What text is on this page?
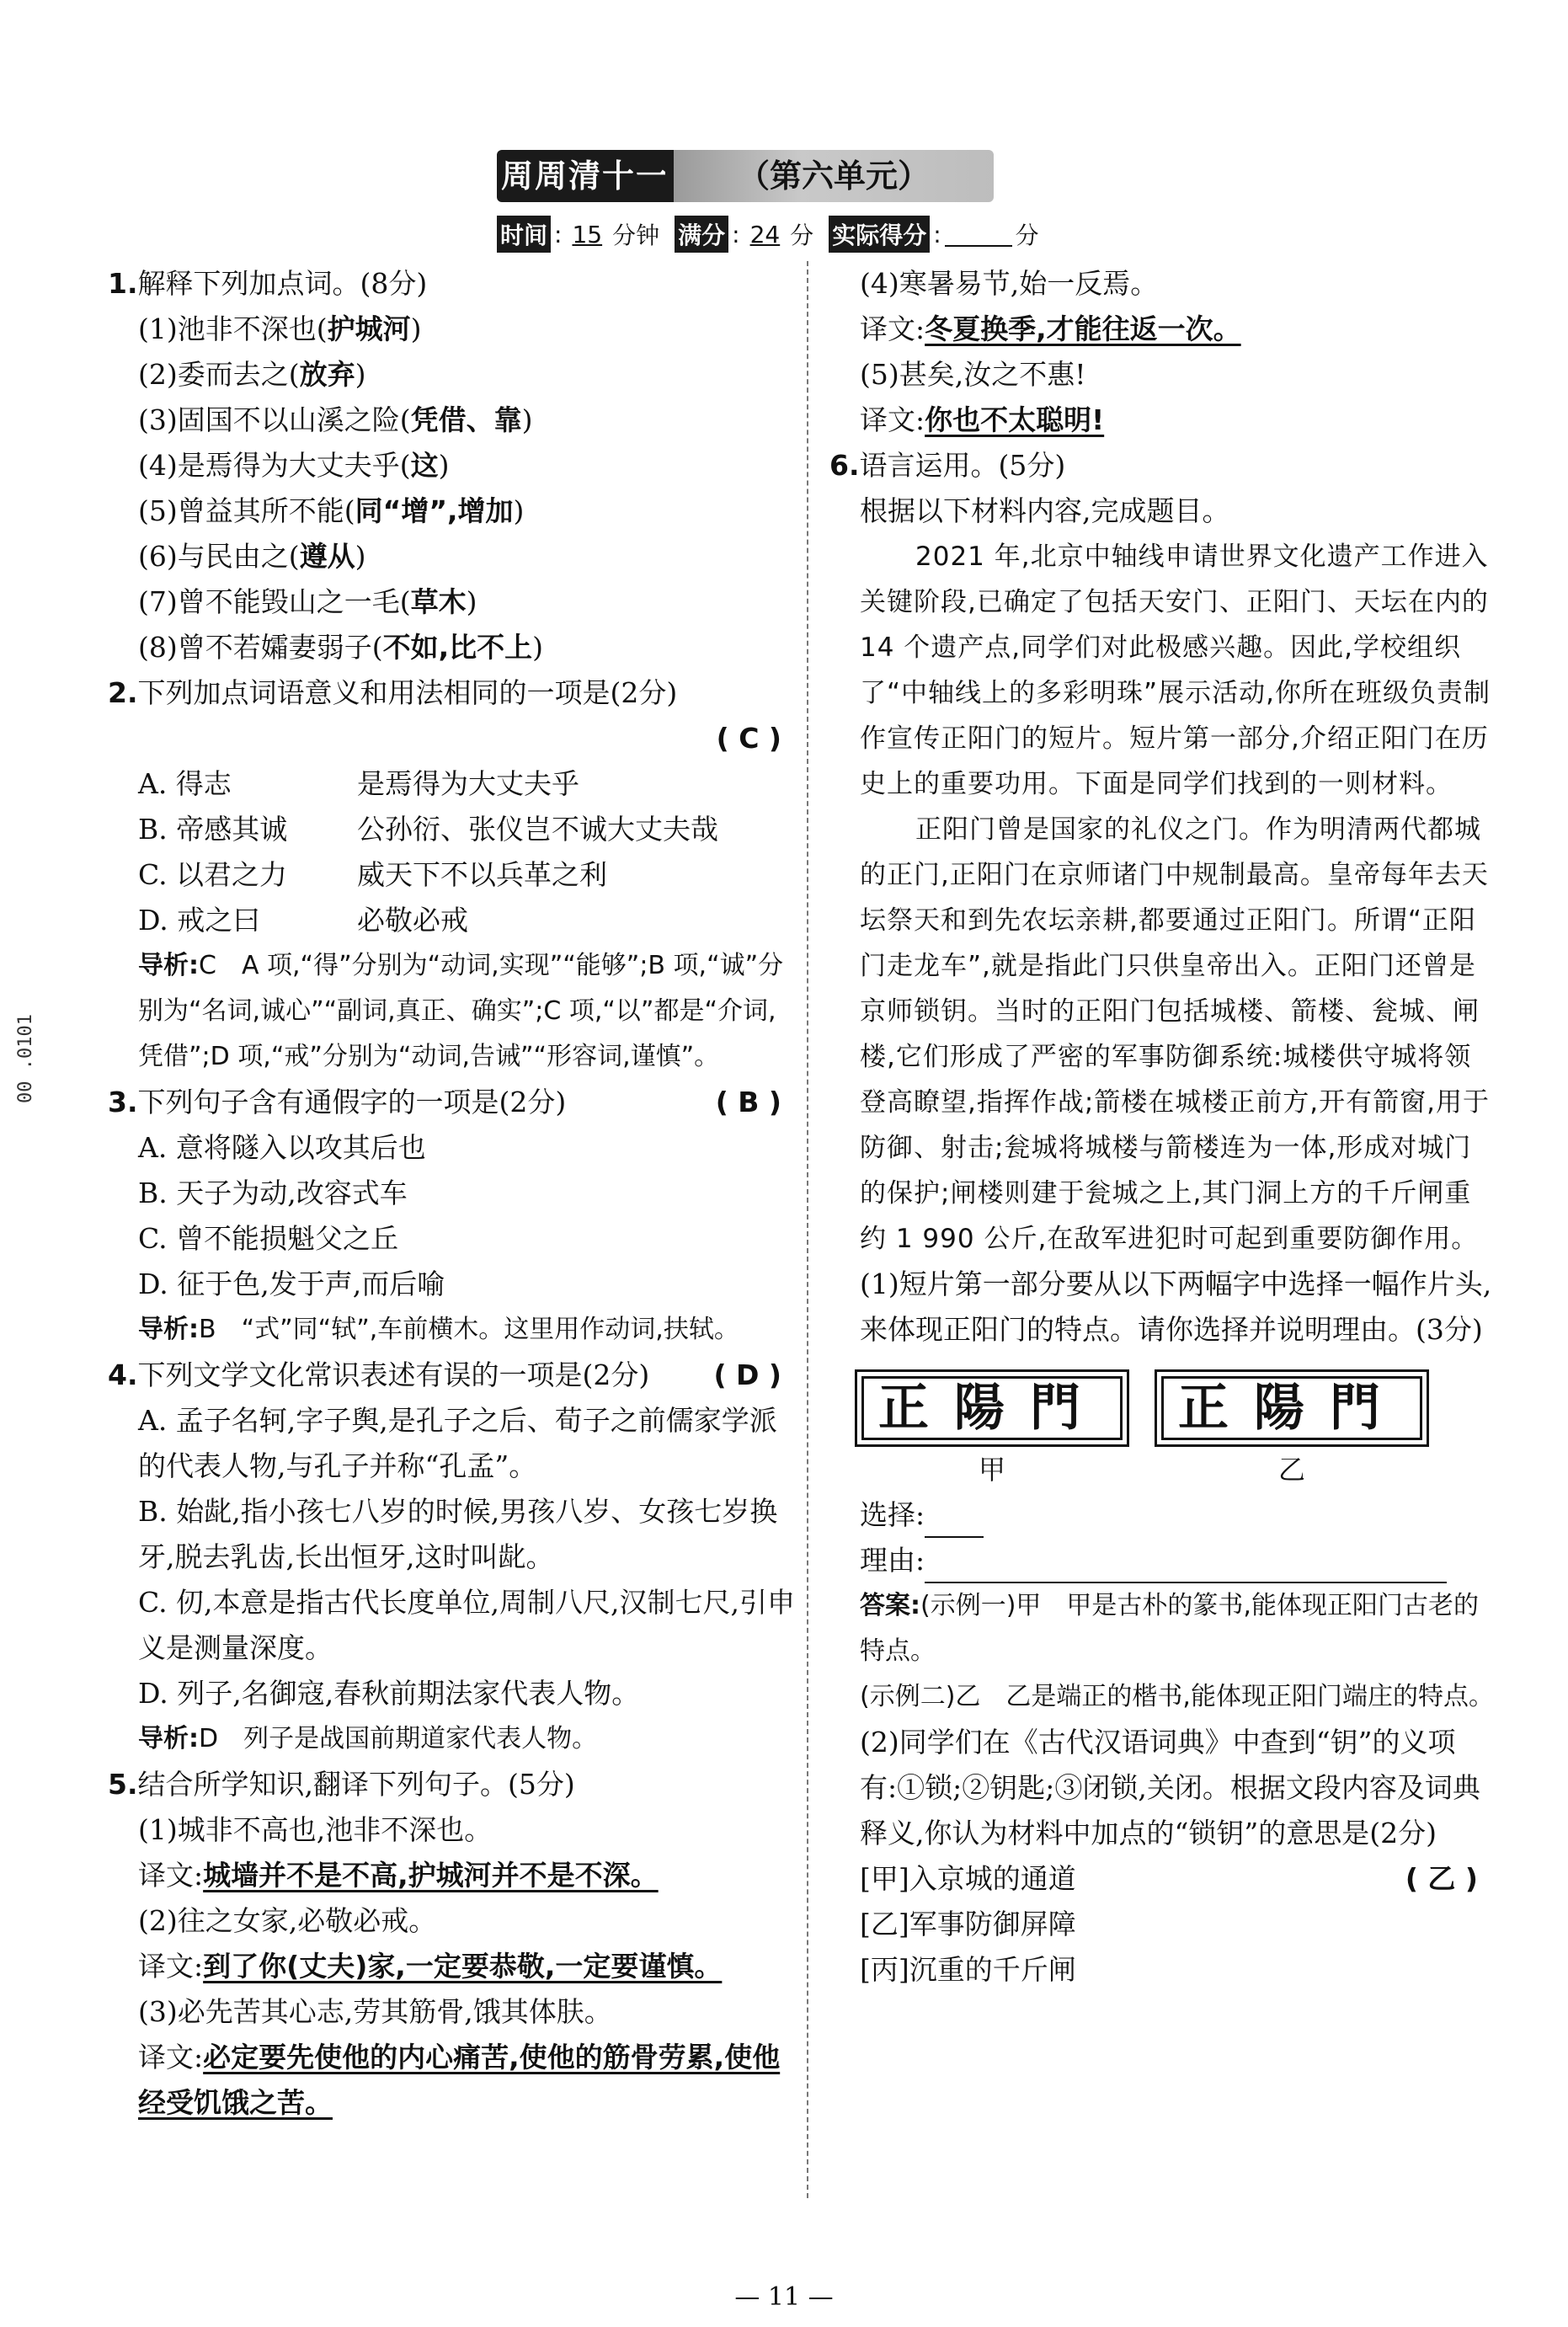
周周清十一	（第六单元）
时间 : 15 分钟 满分 : 24 分 实际得分 :	分
00 .0101
1.解释下列加点词。(8分)
(1)池非不深也(护城河)
(2)委而去之(放弃)
(3)固国不以山溪之险(凭借、靠)
(4)是焉得为大丈夫乎(这)
(5)曾益其所不能(同“增”,增加)
(6)与民由之(遵从)
(7)曾不能毁山之一毛(草木)
(8)曾不若孀妻弱子(不如,比不上)
2.下列加点词语意义和用法相同的一项是(2分)
( C )
A. 得志	是焉得为大丈夫乎
B. 帝感其诚	公孙衍、张仪岂不诚大丈夫哉
C. 以君之力	威天下不以兵革之利
D. 戒之曰	必敬必戒
导析:C　A 项,“得”分别为“动词,实现”“能够”;B 项,“诚”分别为“名词,诚心”“副词,真正、确实”;C 项,“以”都是“介词,凭借”;D 项,“戒”分别为“动词,告诫”“形容词,谨慎”。
3.下列句子含有通假字的一项是(2分)	( B )
A. 意将隧入以攻其后也
B. 天子为动,改容式车
C. 曾不能损魁父之丘
D. 征于色,发于声,而后喻
导析:B　“式”同“轼”,车前横木。这里用作动词,扶轼。
4.下列文学文化常识表述有误的一项是(2分) ( D )
A. 孟子名轲,字子舆,是孔子之后、荀子之前儒家学派的代表人物,与孔子并称“孔孟”。
B. 始龀,指小孩七八岁的时候,男孩八岁、女孩七岁换牙,脱去乳齿,长出恒牙,这时叫龀。
C. 仞,本意是指古代长度单位,周制八尺,汉制七尺,引申义是测量深度。
D. 列子,名御寇,春秋前期法家代表人物。
导析:D　列子是战国前期道家代表人物。
5.结合所学知识,翻译下列句子。(5分)
(1)城非不高也,池非不深也。
译文:城墙并不是不高,护城河并不是不深。
(2)往之女家,必敬必戒。
译文:到了你(丈夫)家,一定要恭敬,一定要谨慎。
(3)必先苦其心志,劳其筋骨,饿其体肤。
译文:必定要先使他的内心痛苦,使他的筋骨劳累,使他经受饥饿之苦。
(4)寒暑易节,始一反焉。
译文:冬夏换季,才能往返一次。
(5)甚矣,汝之不惠!
译文:你也不太聪明!
6.语言运用。(5分)
根据以下材料内容,完成题目。
2021 年,北京中轴线申请世界文化遗产工作进入关键阶段,已确定了包括天安门、正阳门、天坛在内的 14 个遗产点,同学们对此极感兴趣。因此,学校组织了“中轴线上的多彩明珠”展示活动,你所在班级负责制作宣传正阳门的短片。短片第一部分,介绍正阳门在历史上的重要功用。下面是同学们找到的一则材料。
正阳门曾是国家的礼仪之门。作为明清两代都城的正门,正阳门在京师诸门中规制最高。皇帝每年去天坛祭天和到先农坛亲耕,都要通过正阳门。所谓“正阳门走龙车”,就是指此门只供皇帝出入。正阳门还曾是京师锁钥。当时的正阳门包括城楼、箭楼、瓮城、闸楼,它们形成了严密的军事防御系统:城楼供守城将领登高瞭望,指挥作战;箭楼在城楼正前方,开有箭窗,用于防御、射击;瓮城将城楼与箭楼连为一体,形成对城门的保护;闸楼则建于瓮城之上,其门洞上方的千斤闸重约 1 990 公斤,在敌军进犯时可起到重要防御作用。
(1)短片第一部分要从以下两幅字中选择一幅作片头,来体现正阳门的特点。请你选择并说明理由。(3分)
正陽門	正陽門
甲	乙
选择:
理由:
答案:(示例一)甲　甲是古朴的篆书,能体现正阳门古老的特点。
(示例二)乙　乙是端正的楷书,能体现正阳门端庄的特点。
(2)同学们在《古代汉语词典》中查到“钥”的义项有:①锁;②钥匙;③闭锁,关闭。根据文段内容及词典释义,你认为材料中加点的“锁钥”的意思是(2分)
( 乙 )
[甲]入京城的通道
[乙]军事防御屏障
[丙]沉重的千斤闸
— 11 —
